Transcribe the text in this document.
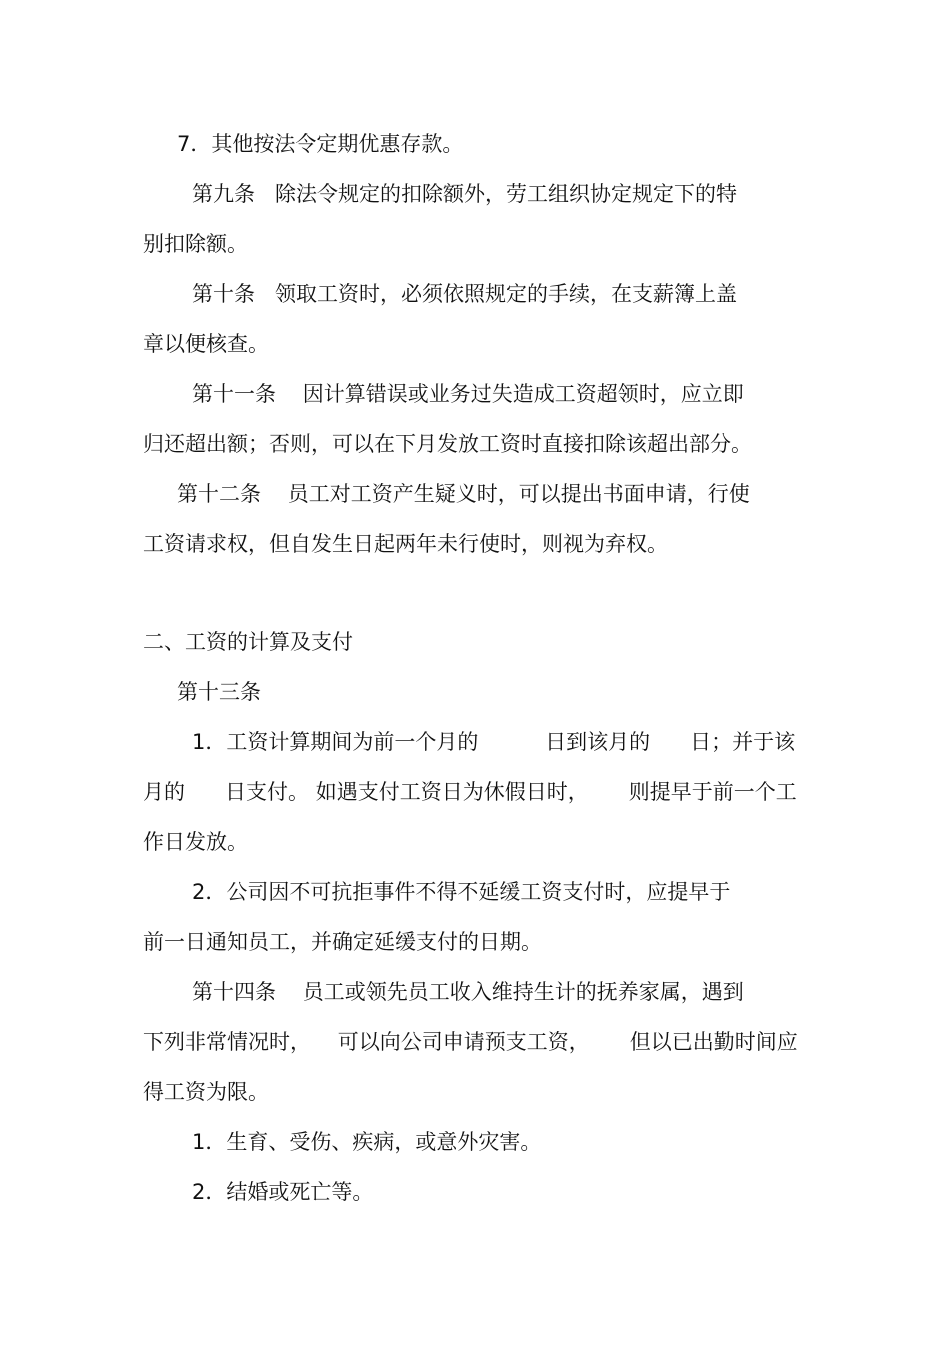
7．其他按法令定期优惠存款。
第九条   除法令规定的扣除额外，劳工组织协定规定下的特
别扣除额。
第十条   领取工资时，必须依照规定的手续，在支薪簿上盖
章以便核查。
第十一条    因计算错误或业务过失造成工资超领时，应立即
归还超出额；否则，可以在下月发放工资时直接扣除该超出部分。
第十二条    员工对工资产生疑义时，可以提出书面申请，行使
工资请求权，但自发生日起两年未行使时，则视为弃权。
二、工资的计算及支付
第十三条
1．工资计算期间为前一个月的          日到该月的      日；并于该
月的      日支付。 如遇支付工资日为休假日时，      则提早于前一个工
作日发放。
2．公司因不可抗拒事件不得不延缓工资支付时，应提早于
前一日通知员工，并确定延缓支付的日期。
第十四条    员工或领先员工收入维持生计的抚养家属，遇到
下列非常情况时，    可以向公司申请预支工资，      但以已出勤时间应
得工资为限。
1．生育、受伤、疾病，或意外灾害。
2．结婚或死亡等。
